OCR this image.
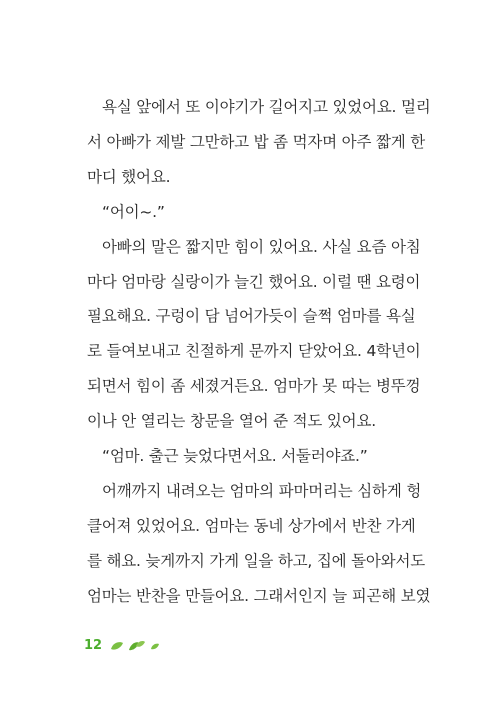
욕실 앞에서 또 이야기가 길어지고 있었어요. 멀리
서 아빠가 제발 그만하고 밥 좀 먹자며 아주 짧게 한
마디 했어요.
“어이~.”
아빠의 말은 짧지만 힘이 있어요. 사실 요즘 아침
마다 엄마랑 실랑이가 늘긴 했어요. 이럴 땐 요령이
필요해요. 구렁이 담 넘어가듯이 슬쩍 엄마를 욕실
로 들여보내고 친절하게 문까지 닫았어요. 4학년이
되면서 힘이 좀 세졌거든요. 엄마가 못 따는 병뚜껑
이나 안 열리는 창문을 열어 준 적도 있어요.
“엄마. 출근 늦었다면서요. 서둘러야죠.”
어깨까지 내려오는 엄마의 파마머리는 심하게 헝
클어져 있었어요. 엄마는 동네 상가에서 반찬 가게
를 해요. 늦게까지 가게 일을 하고, 집에 돌아와서도
엄마는 반찬을 만들어요. 그래서인지 늘 피곤해 보였
12
